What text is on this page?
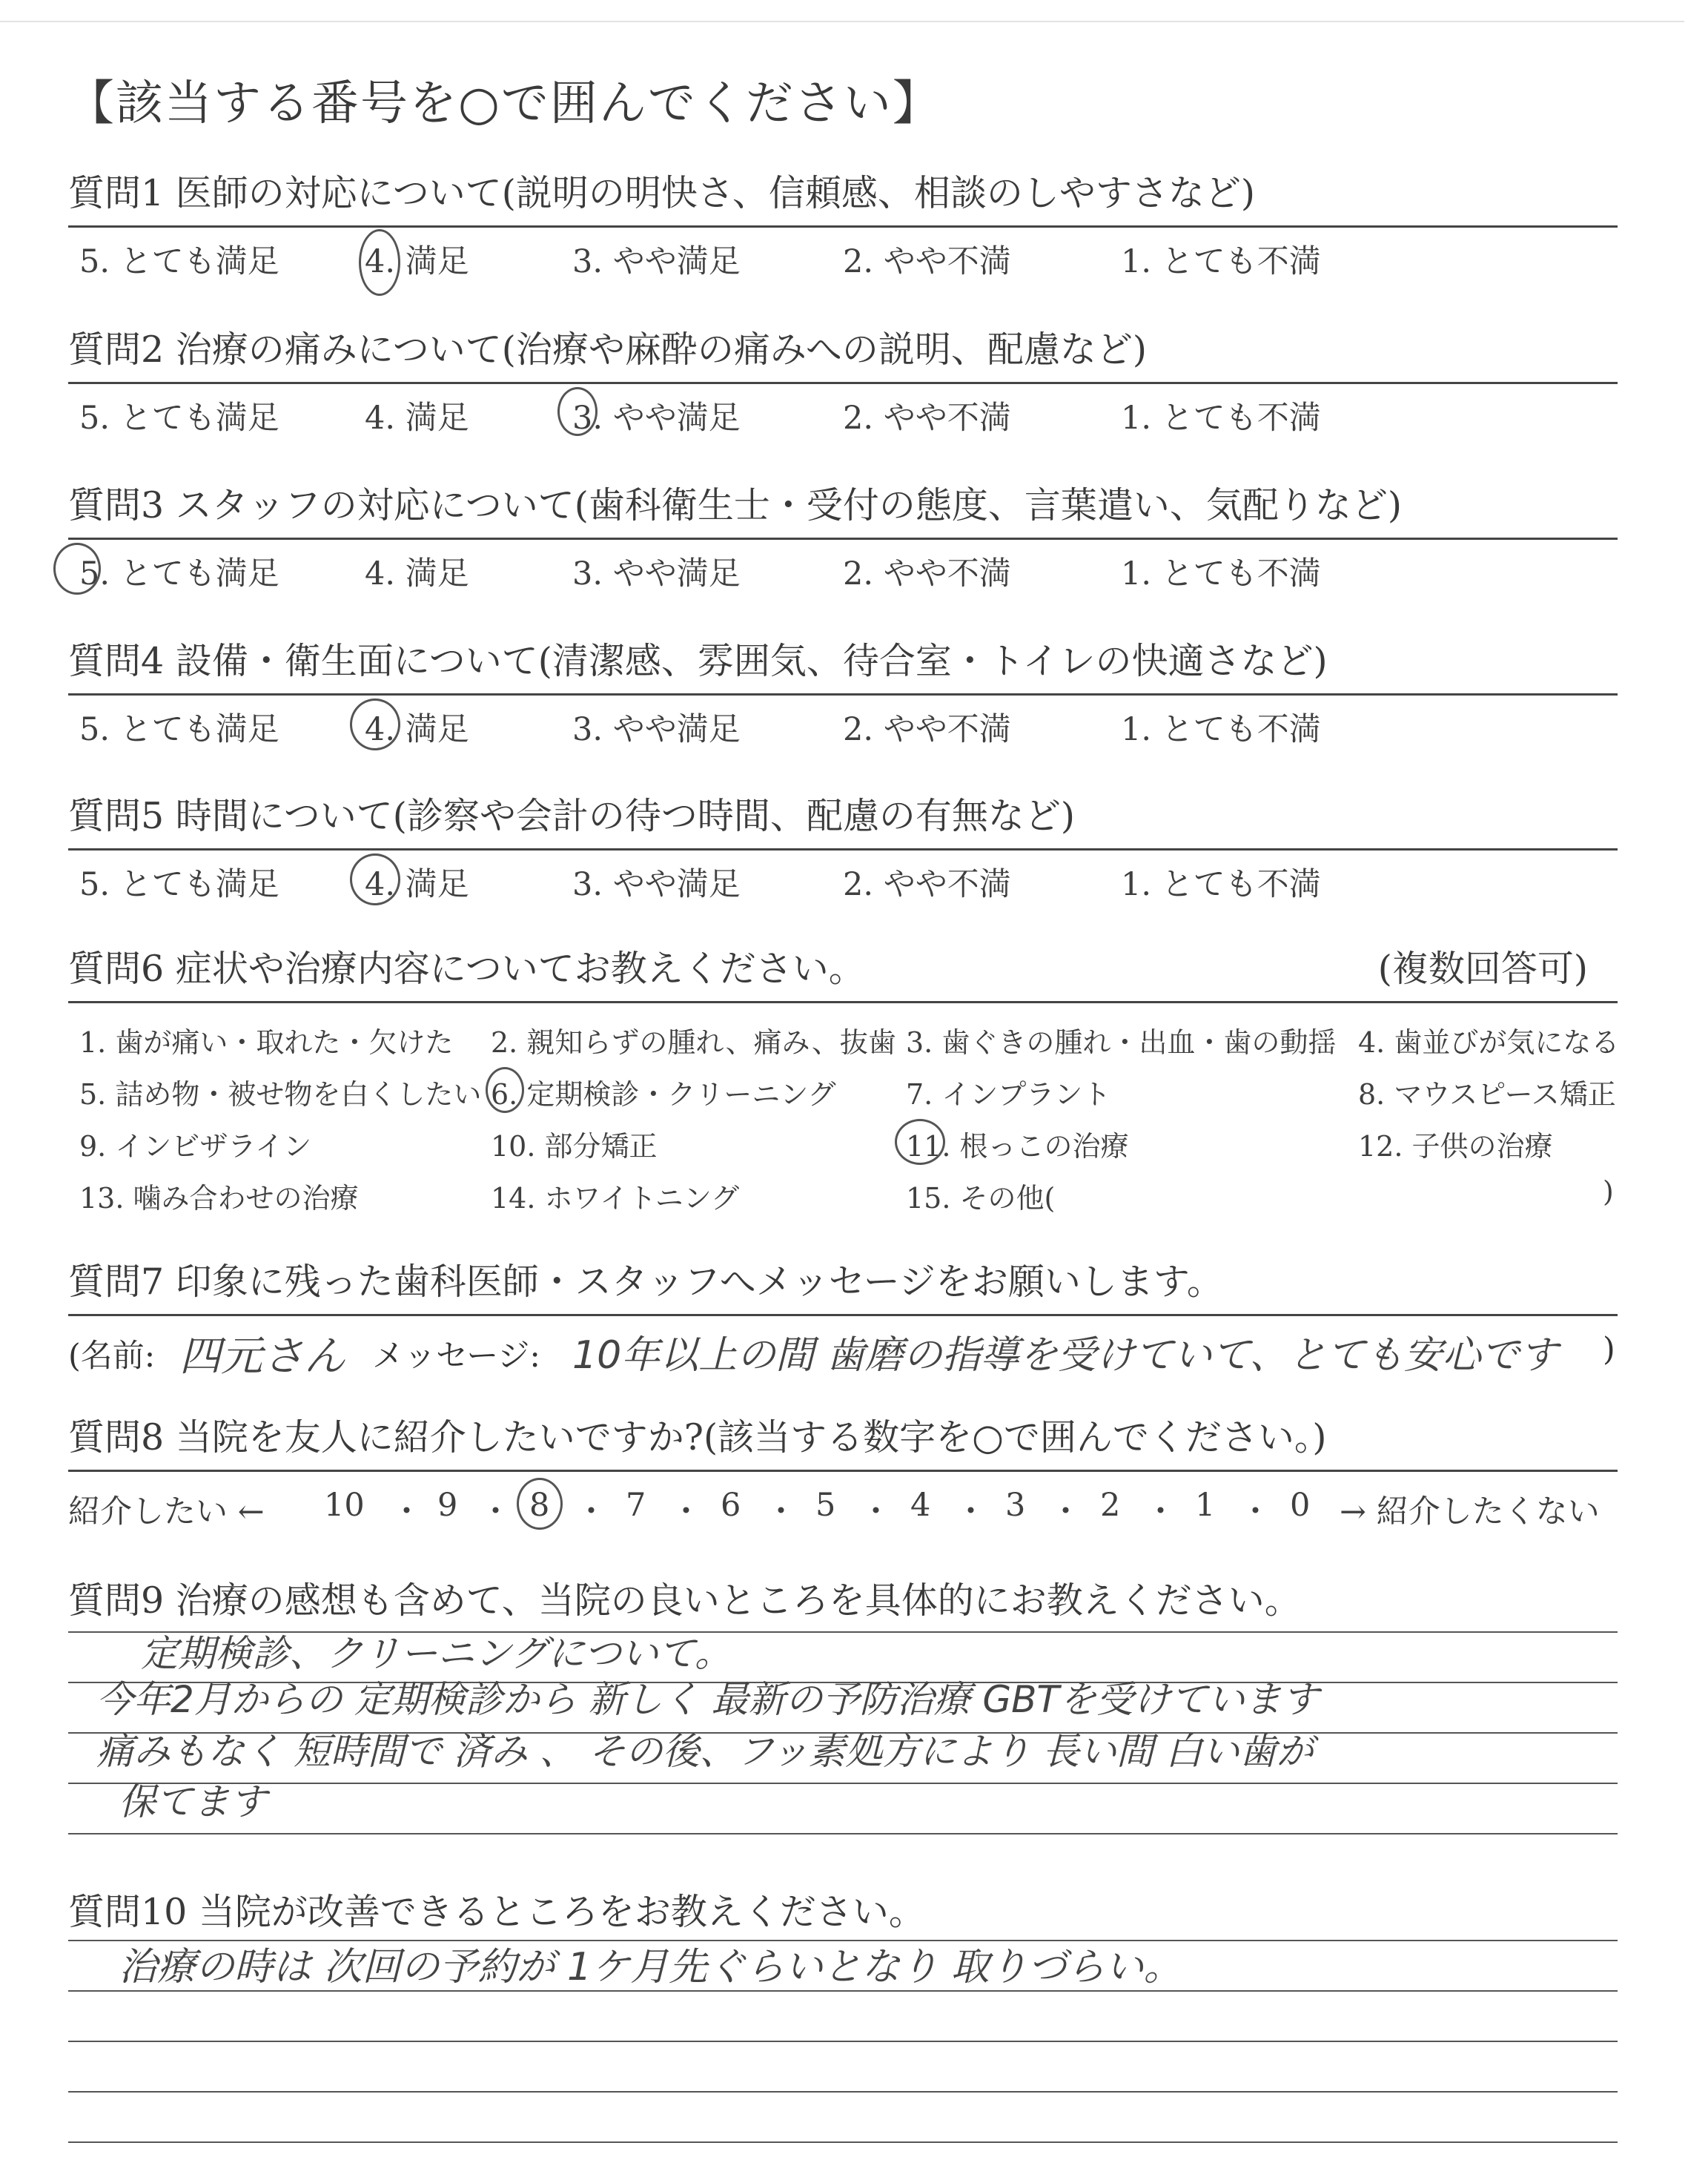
【該当する番号を○で囲んでください】
質問1 医師の対応について(説明の明快さ、信頼感、相談のしやすさなど)
5. とても満足	4. 満足	3. やや満足	2. やや不満	1. とても不満
質問2 治療の痛みについて(治療や麻酔の痛みへの説明、配慮など)
5. とても満足	4. 満足	3. やや満足	2. やや不満	1. とても不満
質問3 スタッフの対応について(歯科衛生士・受付の態度、言葉遣い、気配りなど)
5. とても満足	4. 満足	3. やや満足	2. やや不満	1. とても不満
質問4 設備・衛生面について(清潔感、雰囲気、待合室・トイレの快適さなど)
5. とても満足	4. 満足	3. やや満足	2. やや不満	1. とても不満
質問5 時間について(診察や会計の待つ時間、配慮の有無など)
5. とても満足	4. 満足	3. やや満足	2. やや不満	1. とても不満
質問6 症状や治療内容についてお教えください。	(複数回答可)
1. 歯が痛い・取れた・欠けた 2. 親知らずの腫れ、痛み、抜歯 3. 歯ぐきの腫れ・出血・歯の動揺 4. 歯並びが気になる
5. 詰め物・被せ物を白くしたい 6. 定期検診・クリーニング 7. インプラント	8. マウスピース矯正
9. インビザライン	10. 部分矯正	11. 根っこの治療	12. 子供の治療
13. 噛み合わせの治療	14. ホワイトニング	15. その他(	)
質問7 印象に残った歯科医師・スタッフへメッセージをお願いします。
(名前: 四元さん メッセージ: 10年以上の間 歯磨の指導を受けていて、とても安心です )
質問8 当院を友人に紹介したいですか?(該当する数字を○で囲んでください。)
紹介したい ← 10 ・ 9 ・ 8 ・ 7 ・ 6 ・ 5 ・ 4 ・ 3 ・ 2 ・ 1 ・ 0 → 紹介したくない
質問9 治療の感想も含めて、当院の良いところを具体的にお教えください。
定期検診、クリーニングについて。
今年2月からの 定期検診から 新しく 最新の予防治療 GBTを受けています
痛みもなく 短時間で 済み 、 その後、フッ素処方により 長い間 白い歯が
保てます
質問10 当院が改善できるところをお教えください。
治療の時は 次回の予約が 1ケ月先ぐらいとなり 取りづらい。
